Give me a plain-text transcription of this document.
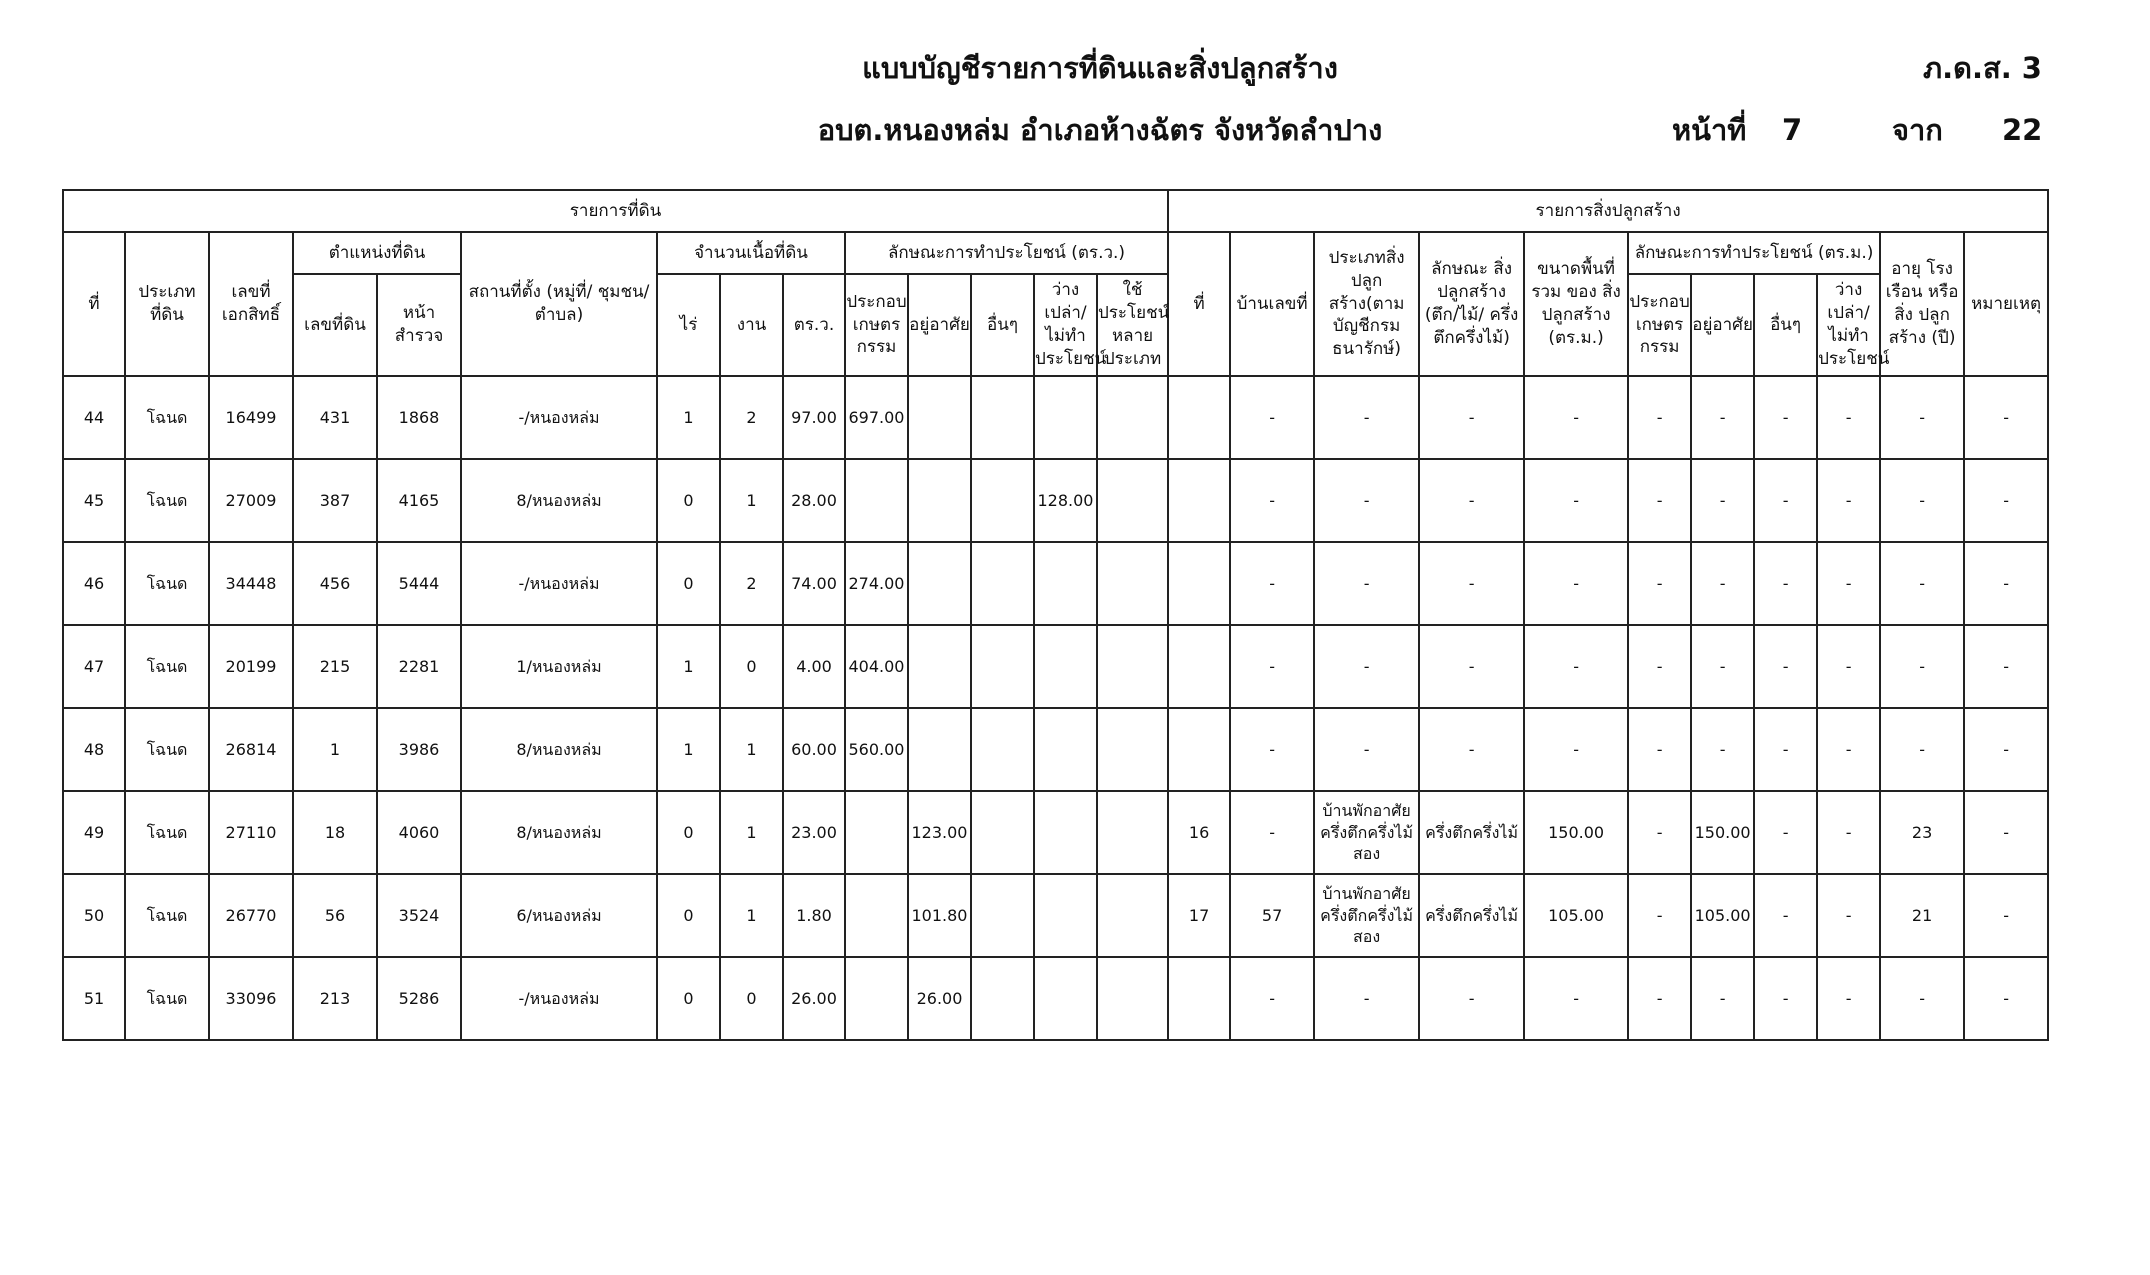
แบบบัญชีรายการที่ดินและสิ่งปลูกสร้าง
อบต.หนองหล่ม อำเภอห้างฉัตร จังหวัดลำปาง
ภ.ด.ส. 3
หน้าที่	7	จาก	22
รายการที่ดิน														รายการสิ่งปลูกสร้าง										
ที่	ประเภท ที่ดิน	เลขที่ เอกสิทธิ์	ตำแหน่งที่ดิน		สถานที่ตั้ง (หมู่ที่/ ชุมชน/ ตำบล)	จำนวนเนื้อที่ดิน			ลักษณะการทำประโยชน์ (ตร.ว.)					ที่	บ้านเลขที่	ประเภทสิ่งปลูกสร้าง(ตามบัญชีกรมธนารักษ์)	ลักษณะ สิ่งปลูกสร้าง (ตึก/ไม้/ ครึ่งตึกครึ่งไม้)	ขนาดพื้นที่รวม ของ สิ่งปลูกสร้าง (ตร.ม.)	ลักษณะการทำประโยชน์ (ตร.ม.)				อายุ โรงเรือน หรือสิ่ง ปลูกสร้าง (ปี)	หมายเหตุ
			เลขที่ดิน	หน้า สำรวจ		ไร่	งาน	ตร.ว.	ประกอบ เกษตร กรรม	อยู่อาศัย	อื่นๆ	ว่างเปล่า/ ไม่ทำ ประโยชน์	ใช้ประโยชน์ หลาย ประเภท						ประกอบ เกษตร กรรม	อยู่อาศัย	อื่นๆ	ว่างเปล่า/ ไม่ทำ ประโยชน์		
44	โฉนด	16499	431	1868	-/หนองหล่ม	1	2	97.00	697.00						-	-	-	-	-	-	-	-	-	-
45	โฉนด	27009	387	4165	8/หนองหล่ม	0	1	28.00				128.00			-	-	-	-	-	-	-	-	-	-
46	โฉนด	34448	456	5444	-/หนองหล่ม	0	2	74.00	274.00						-	-	-	-	-	-	-	-	-	-
47	โฉนด	20199	215	2281	1/หนองหล่ม	1	0	4.00	404.00						-	-	-	-	-	-	-	-	-	-
48	โฉนด	26814	1	3986	8/หนองหล่ม	1	1	60.00	560.00						-	-	-	-	-	-	-	-	-	-
49	โฉนด	27110	18	4060	8/หนองหล่ม	0	1	23.00		123.00				16	-	บ้านพักอาศัยครึ่งตึกครึ่งไม้สอง	ครึ่งตึกครึ่งไม้	150.00	-	150.00	-	-	23	-
50	โฉนด	26770	56	3524	6/หนองหล่ม	0	1	1.80		101.80				17	57	บ้านพักอาศัยครึ่งตึกครึ่งไม้สอง	ครึ่งตึกครึ่งไม้	105.00	-	105.00	-	-	21	-
51	โฉนด	33096	213	5286	-/หนองหล่ม	0	0	26.00		26.00					-	-	-	-	-	-	-	-	-	-
